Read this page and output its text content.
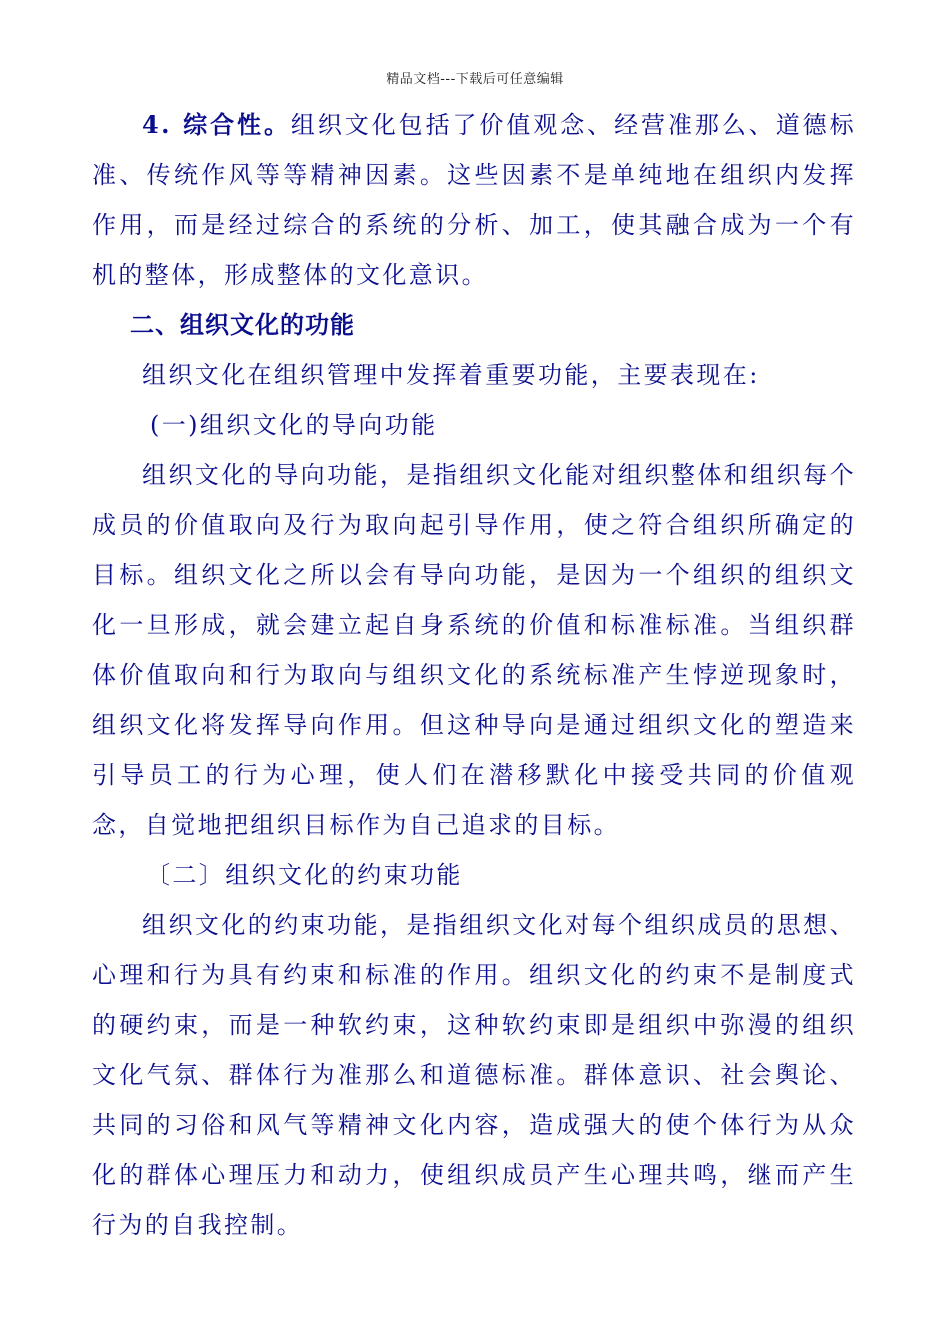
精品文档---下载后可任意编辑

4. 综合性。组织文化包括了价值观念、经营准那么、道德标准、传统作风等等精神因素。这些因素不是单纯地在组织内发挥作用，而是经过综合的系统的分析、加工，使其融合成为一个有机的整体，形成整体的文化意识。

二、组织文化的功能

组织文化在组织管理中发挥着重要功能，主要表现在:

(一)组织文化的导向功能

组织文化的导向功能，是指组织文化能对组织整体和组织每个成员的价值取向及行为取向起引导作用，使之符合组织所确定的目标。组织文化之所以会有导向功能，是因为一个组织的组织文化一旦形成，就会建立起自身系统的价值和标准标准。当组织群体价值取向和行为取向与组织文化的系统标准产生悖逆现象时，组织文化将发挥导向作用。但这种导向是通过组织文化的塑造来引导员工的行为心理，使人们在潜移默化中接受共同的价值观念，自觉地把组织目标作为自己追求的目标。

〔二〕组织文化的约束功能

组织文化的约束功能，是指组织文化对每个组织成员的思想、心理和行为具有约束和标准的作用。组织文化的约束不是制度式的硬约束，而是一种软约束，这种软约束即是组织中弥漫的组织文化气氛、群体行为准那么和道德标准。群体意识、社会舆论、共同的习俗和风气等精神文化内容，造成强大的使个体行为从众化的群体心理压力和动力，使组织成员产生心理共鸣，继而产生行为的自我控制。
